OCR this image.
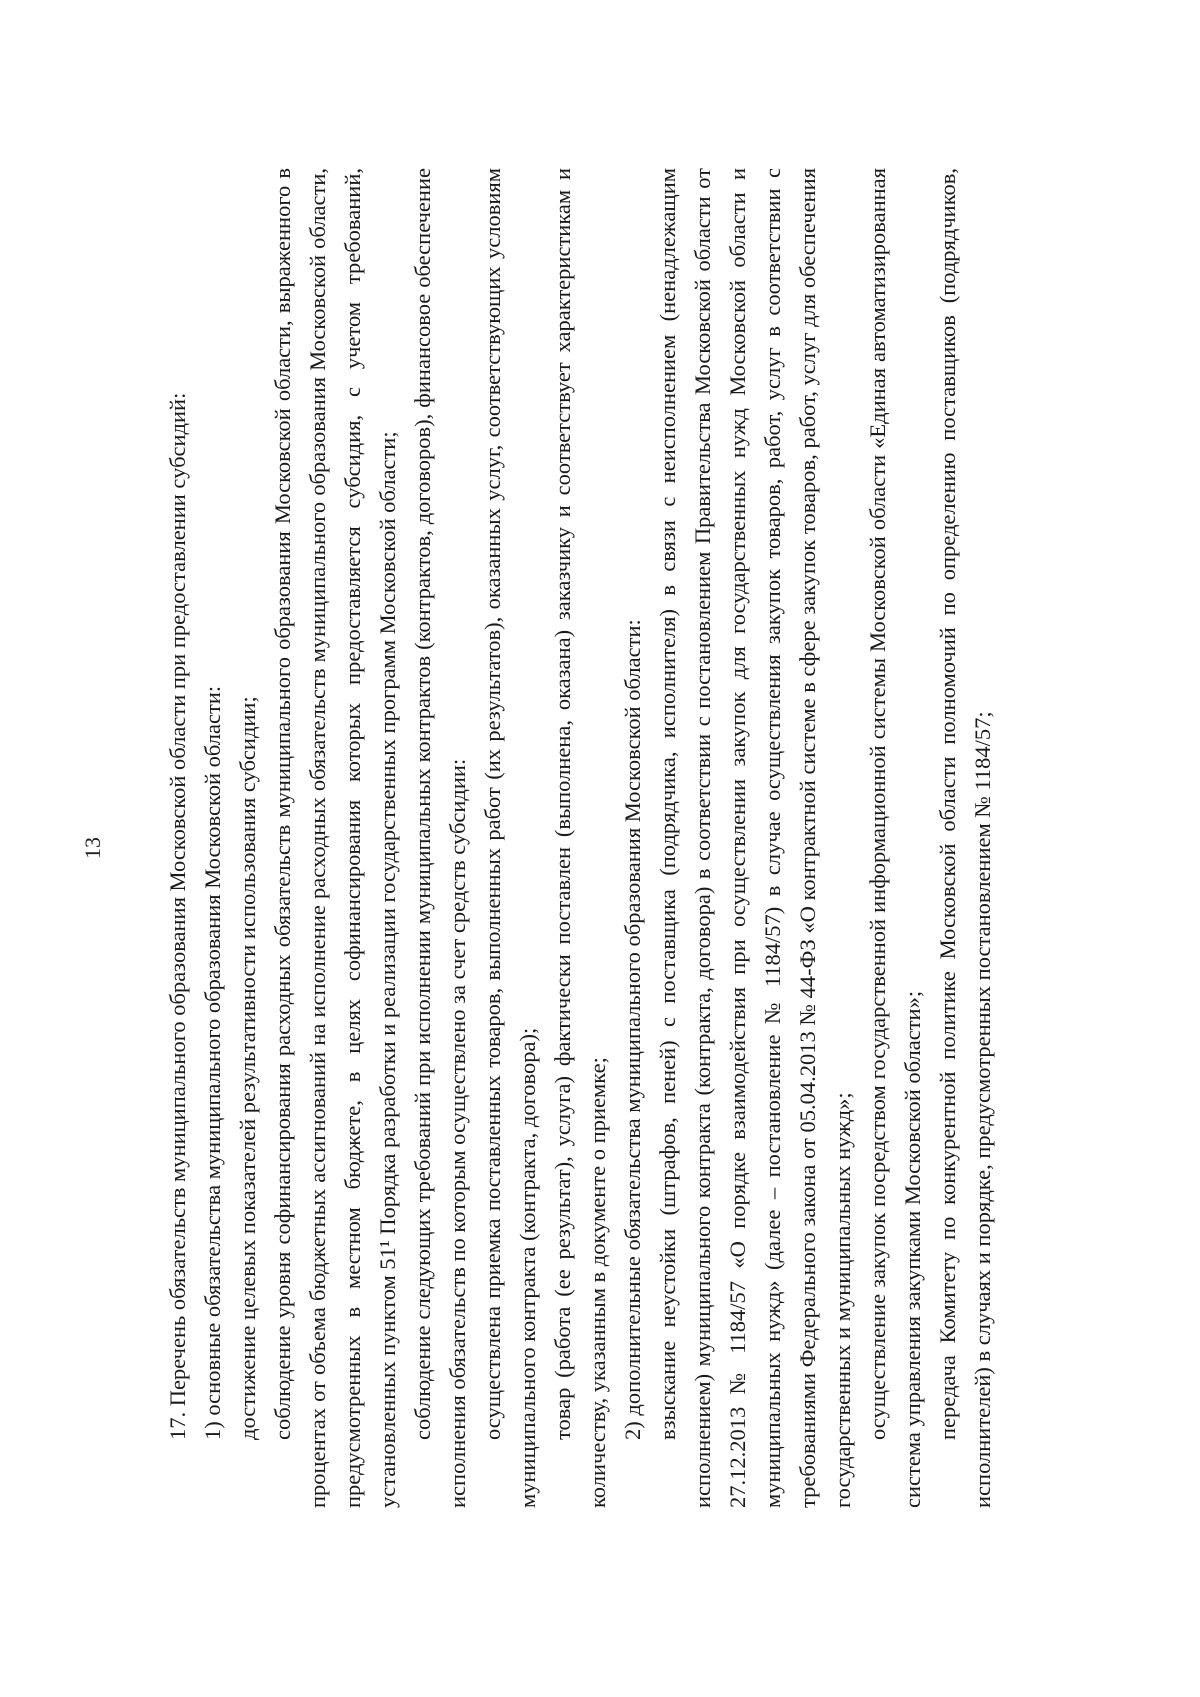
13	17. Перечень обязательств муниципального образования Московской области при предоставлении субсидий: 1) основные обязательства муниципального образования Московской области: достижение целевых показателей результативности использования субсидии; соблюдение уровня софинансирования расходных обязательств муниципального образования Московской области, выраженного в процентах от объема бюджетных ассигнований на исполнение расходных обязательств муниципального образования Московской области, предусмотренных в местном бюджете, в целях софинансирования которых предоставляется субсидия, с учетом требований, установленных пунктом 51¹ Порядка разработки и реализации государственных программ Московской области; соблюдение следующих требований при исполнении муниципальных контрактов (контрактов, договоров), финансовое обеспечение исполнения обязательств по которым осуществлено за счет средств субсидии: осуществлена приемка поставленных товаров, выполненных работ (их результатов), оказанных услуг, соответствующих условиям муниципального контракта (контракта, договора); товар (работа (ее результат), услуга) фактически поставлен (выполнена, оказана) заказчику и соответствует характеристикам и количеству, указанным в документе о приемке; 2) дополнительные обязательства муниципального образования Московской области: взыскание неустойки (штрафов, пеней) с поставщика (подрядчика, исполнителя) в связи с неисполнением (ненадлежащим исполнением) муниципального контракта (контракта, договора) в соответствии с постановлением Правительства Московской области от 27.12.2013 № 1184/57 «О порядке взаимодействия при осуществлении закупок для государственных нужд Московской области и муниципальных нужд» (далее – постановление № 1184/57) в случае осуществления закупок товаров, работ, услуг в соответствии с требованиями Федерального закона от 05.04.2013 № 44-ФЗ «О контрактной системе в сфере закупок товаров, работ, услуг для обеспечения государственных и муниципальных нужд»; осуществление закупок посредством государственной информационной системы Московской области «Единая автоматизированная система управления закупками Московской области»; передача Комитету по конкурентной политике Московской области полномочий по определению поставщиков (подрядчиков, исполнителей) в случаях и порядке, предусмотренных постановлением № 1184/57;
